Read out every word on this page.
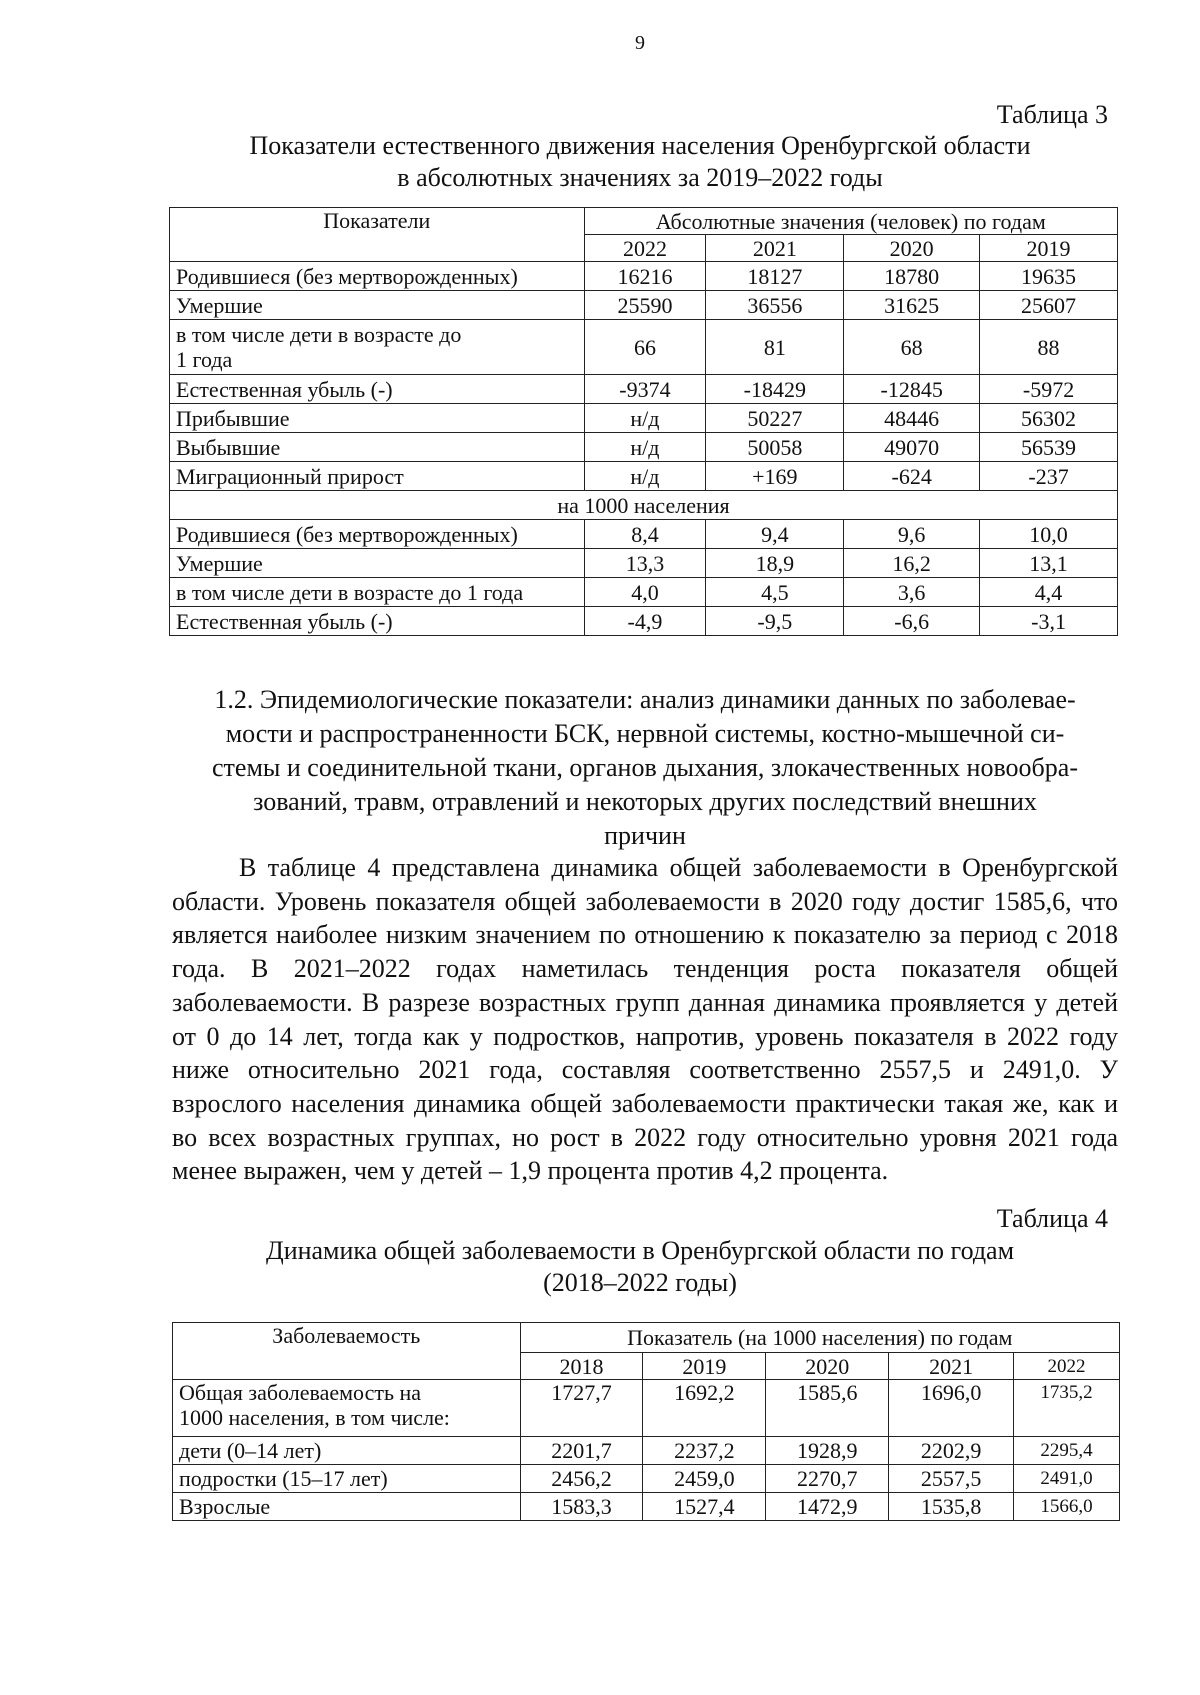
9
Таблица 3
Показатели естественного движения населения Оренбургской области
в абсолютных значениях за 2019–2022 годы
Показатели	Абсолютные значения (человек) по годам			
	2022	2021	2020	2019
Родившиеся (без мертворожденных)	16216	18127	18780	19635
Умершие	25590	36556	31625	25607

в том числе дети в возрасте до
1 года	66	81	68	88
Естественная убыль (-)	-9374	-18429	-12845	-5972
Прибывшие	н/д	50227	48446	56302
Выбывшие	н/д	50058	49070	56539
Миграционный прирост	н/д	+169	-624	-237
на 1000 населения				
Родившиеся (без мертворожденных)	8,4	9,4	9,6	10,0
Умершие	13,3	18,9	16,2	13,1
в том числе дети в возрасте до 1 года	4,0	4,5	3,6	4,4
Естественная убыль (-)	-4,9	-9,5	-6,6	-3,1
1.2. Эпидемиологические показатели: анализ динамики данных по заболевае-
мости и распространенности БСК, нервной системы, костно-мышечной си-
стемы и соединительной ткани, органов дыхания, злокачественных новообра-
зований, травм, отравлений и некоторых других последствий внешних
причин

В таблице 4 представлена динамика общей заболеваемости в Оренбургской области. Уровень показателя общей заболеваемости в 2020 году достиг 1585,6, что является наиболее низким значением по отношению к показателю за период с 2018 года. В 2021–2022 годах наметилась тенденция роста показателя общей заболеваемости. В разрезе возрастных групп данная динамика проявляется у детей от 0 до 14 лет, тогда как у подростков, напротив, уровень показателя в 2022 году ниже относительно 2021 года, составляя соответственно 2557,5 и 2491,0. У взрослого населения динамика общей заболеваемости практически такая же, как и во всех возрастных группах, но рост в 2022 году относительно уровня 2021 года менее выражен, чем у детей – 1,9 процента против 4,2 процента.

Таблица 4
Динамика общей заболеваемости в Оренбургской области по годам
(2018–2022 годы)
Заболеваемость	Показатель (на 1000 населения) по годам				
	2018	2019	2020	2021	2022

Общая заболеваемость на
1000 населения, в том числе:	1727,7	1692,2	1585,6	1696,0	1735,2
дети (0–14 лет)	2201,7	2237,2	1928,9	2202,9	2295,4
подростки (15–17 лет)	2456,2	2459,0	2270,7	2557,5	2491,0
Взрослые	1583,3	1527,4	1472,9	1535,8	1566,0
